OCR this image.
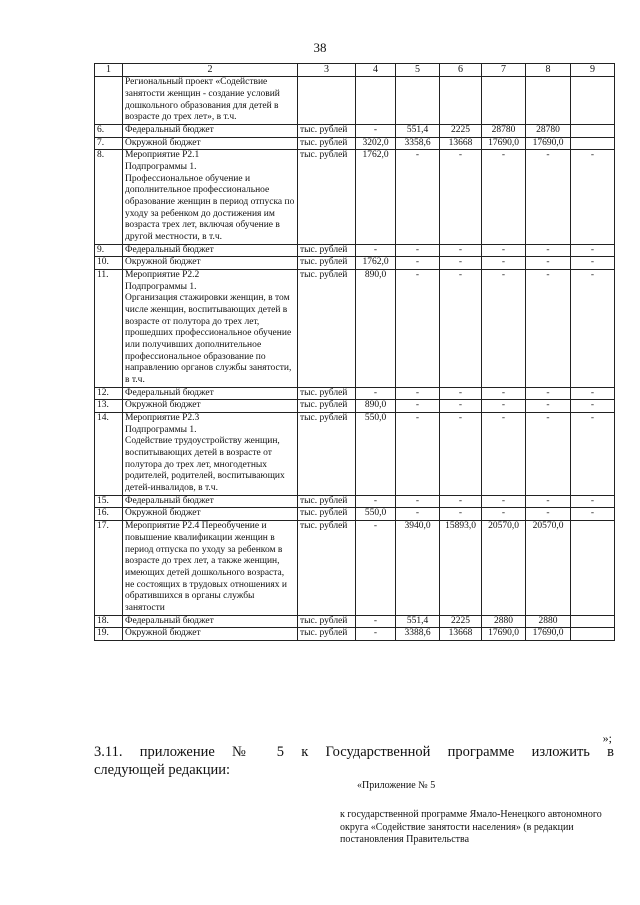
38
1	2	3	4	5	6	7	8	9
	Региональный проект «Содействие занятости женщин - создание условий дошкольного образования для детей в возрасте до трех лет», в т.ч.							
6.	Федеральный бюджет	тыс. рублей	-	551,4	2225	28780	28780	
7.	Окружной бюджет	тыс. рублей	3202,0	3358,6	13668	17690,0	17690,0	
8.	Мероприятие Р2.1
Подпрограммы 1.
Профессиональное обучение и дополнительное профессиональное образование женщин в период отпуска по уходу за ребенком до достижения им возраста трех лет, включая обучение в другой местности, в т.ч.	тыс. рублей	1762,0	-	-	-	-	-
9.	Федеральный бюджет	тыс. рублей	-	-	-	-	-	-
10.	Окружной бюджет	тыс. рублей	1762,0	-	-	-	-	-
11.	Мероприятие Р2.2
Подпрограммы 1.
Организация стажировки женщин, в том числе женщин, воспитывающих детей в возрасте от полутора до трех лет, прошедших профессиональное обучение или получивших дополнительное профессиональное образование по направлению органов службы занятости, в т.ч.	тыс. рублей	890,0	-	-	-	-	-
12.	Федеральный бюджет	тыс. рублей	-	-	-	-	-	-
13.	Окружной бюджет	тыс. рублей	890,0	-	-	-	-	-
14.	Мероприятие Р2.3
Подпрограммы 1.
Содействие трудоустройству женщин, воспитывающих детей в возрасте от полутора до трех лет, многодетных родителей, родителей, воспитывающих детей-инвалидов, в т.ч.	тыс. рублей	550,0	-	-	-	-	-
15.	Федеральный бюджет	тыс. рублей	-	-	-	-	-	-
16.	Окружной бюджет	тыс. рублей	550,0	-	-	-	-	-
17.	Мероприятие Р2.4 Переобучение и повышение квалификации женщин в период отпуска по уходу за ребенком в возрасте до трех лет, а также женщин, имеющих детей дошкольного возраста, не состоящих в трудовых отношениях и обратившихся в органы службы занятости	тыс. рублей	-	3940,0	15893,0	20570,0	20570,0	
18.	Федеральный бюджет	тыс. рублей	-	551,4	2225	2880	2880	
19.	Окружной бюджет	тыс. рублей	-	3388,6	13668	17690,0	17690,0	
»;
3.11. приложение № 5 к Государственной программе изложить в
следующей редакции:
«Приложение № 5
к государственной программе Ямало-Ненецкого автономного округа «Содействие занятости населения» (в редакции постановления Правительства
